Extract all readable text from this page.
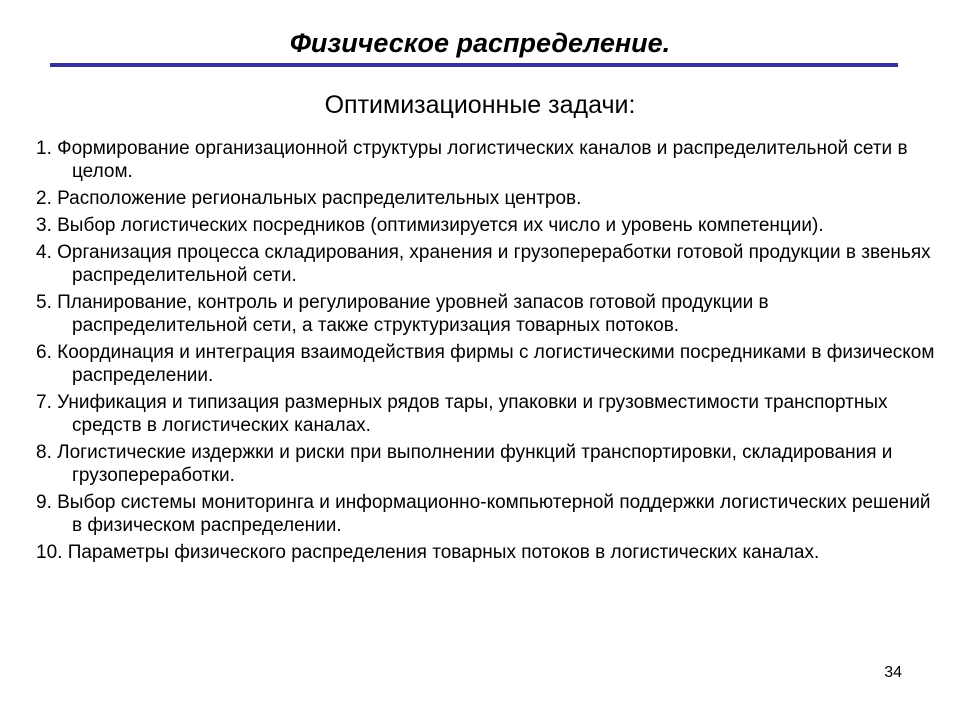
Физическое распределение.
Оптимизационные задачи:
1. Формирование организационной структуры логистических каналов и распределительной сети в целом.
2. Расположение региональных распределительных центров.
3. Выбор логистических посредников (оптимизируется их число и уровень компетенции).
4. Организация процесса складирования, хранения и грузопереработки готовой продукции в звеньях распределительной сети.
5. Планирование, контроль и регулирование уровней запасов готовой продукции в распределительной сети, а также структуризация товарных потоков.
6. Координация и интеграция взаимодействия фирмы с логистическими посредниками в физическом распределении.
7. Унификация и типизация размерных рядов тары, упаковки и грузовместимости транспортных средств в логистических каналах.
8. Логистические издержки и риски при выполнении функций транспортировки, складирования и грузопереработки.
9. Выбор системы мониторинга и информационно-компьютерной поддержки логистических решений в физическом распределении.
10. Параметры физического распределения товарных потоков в логистических каналах.
34
